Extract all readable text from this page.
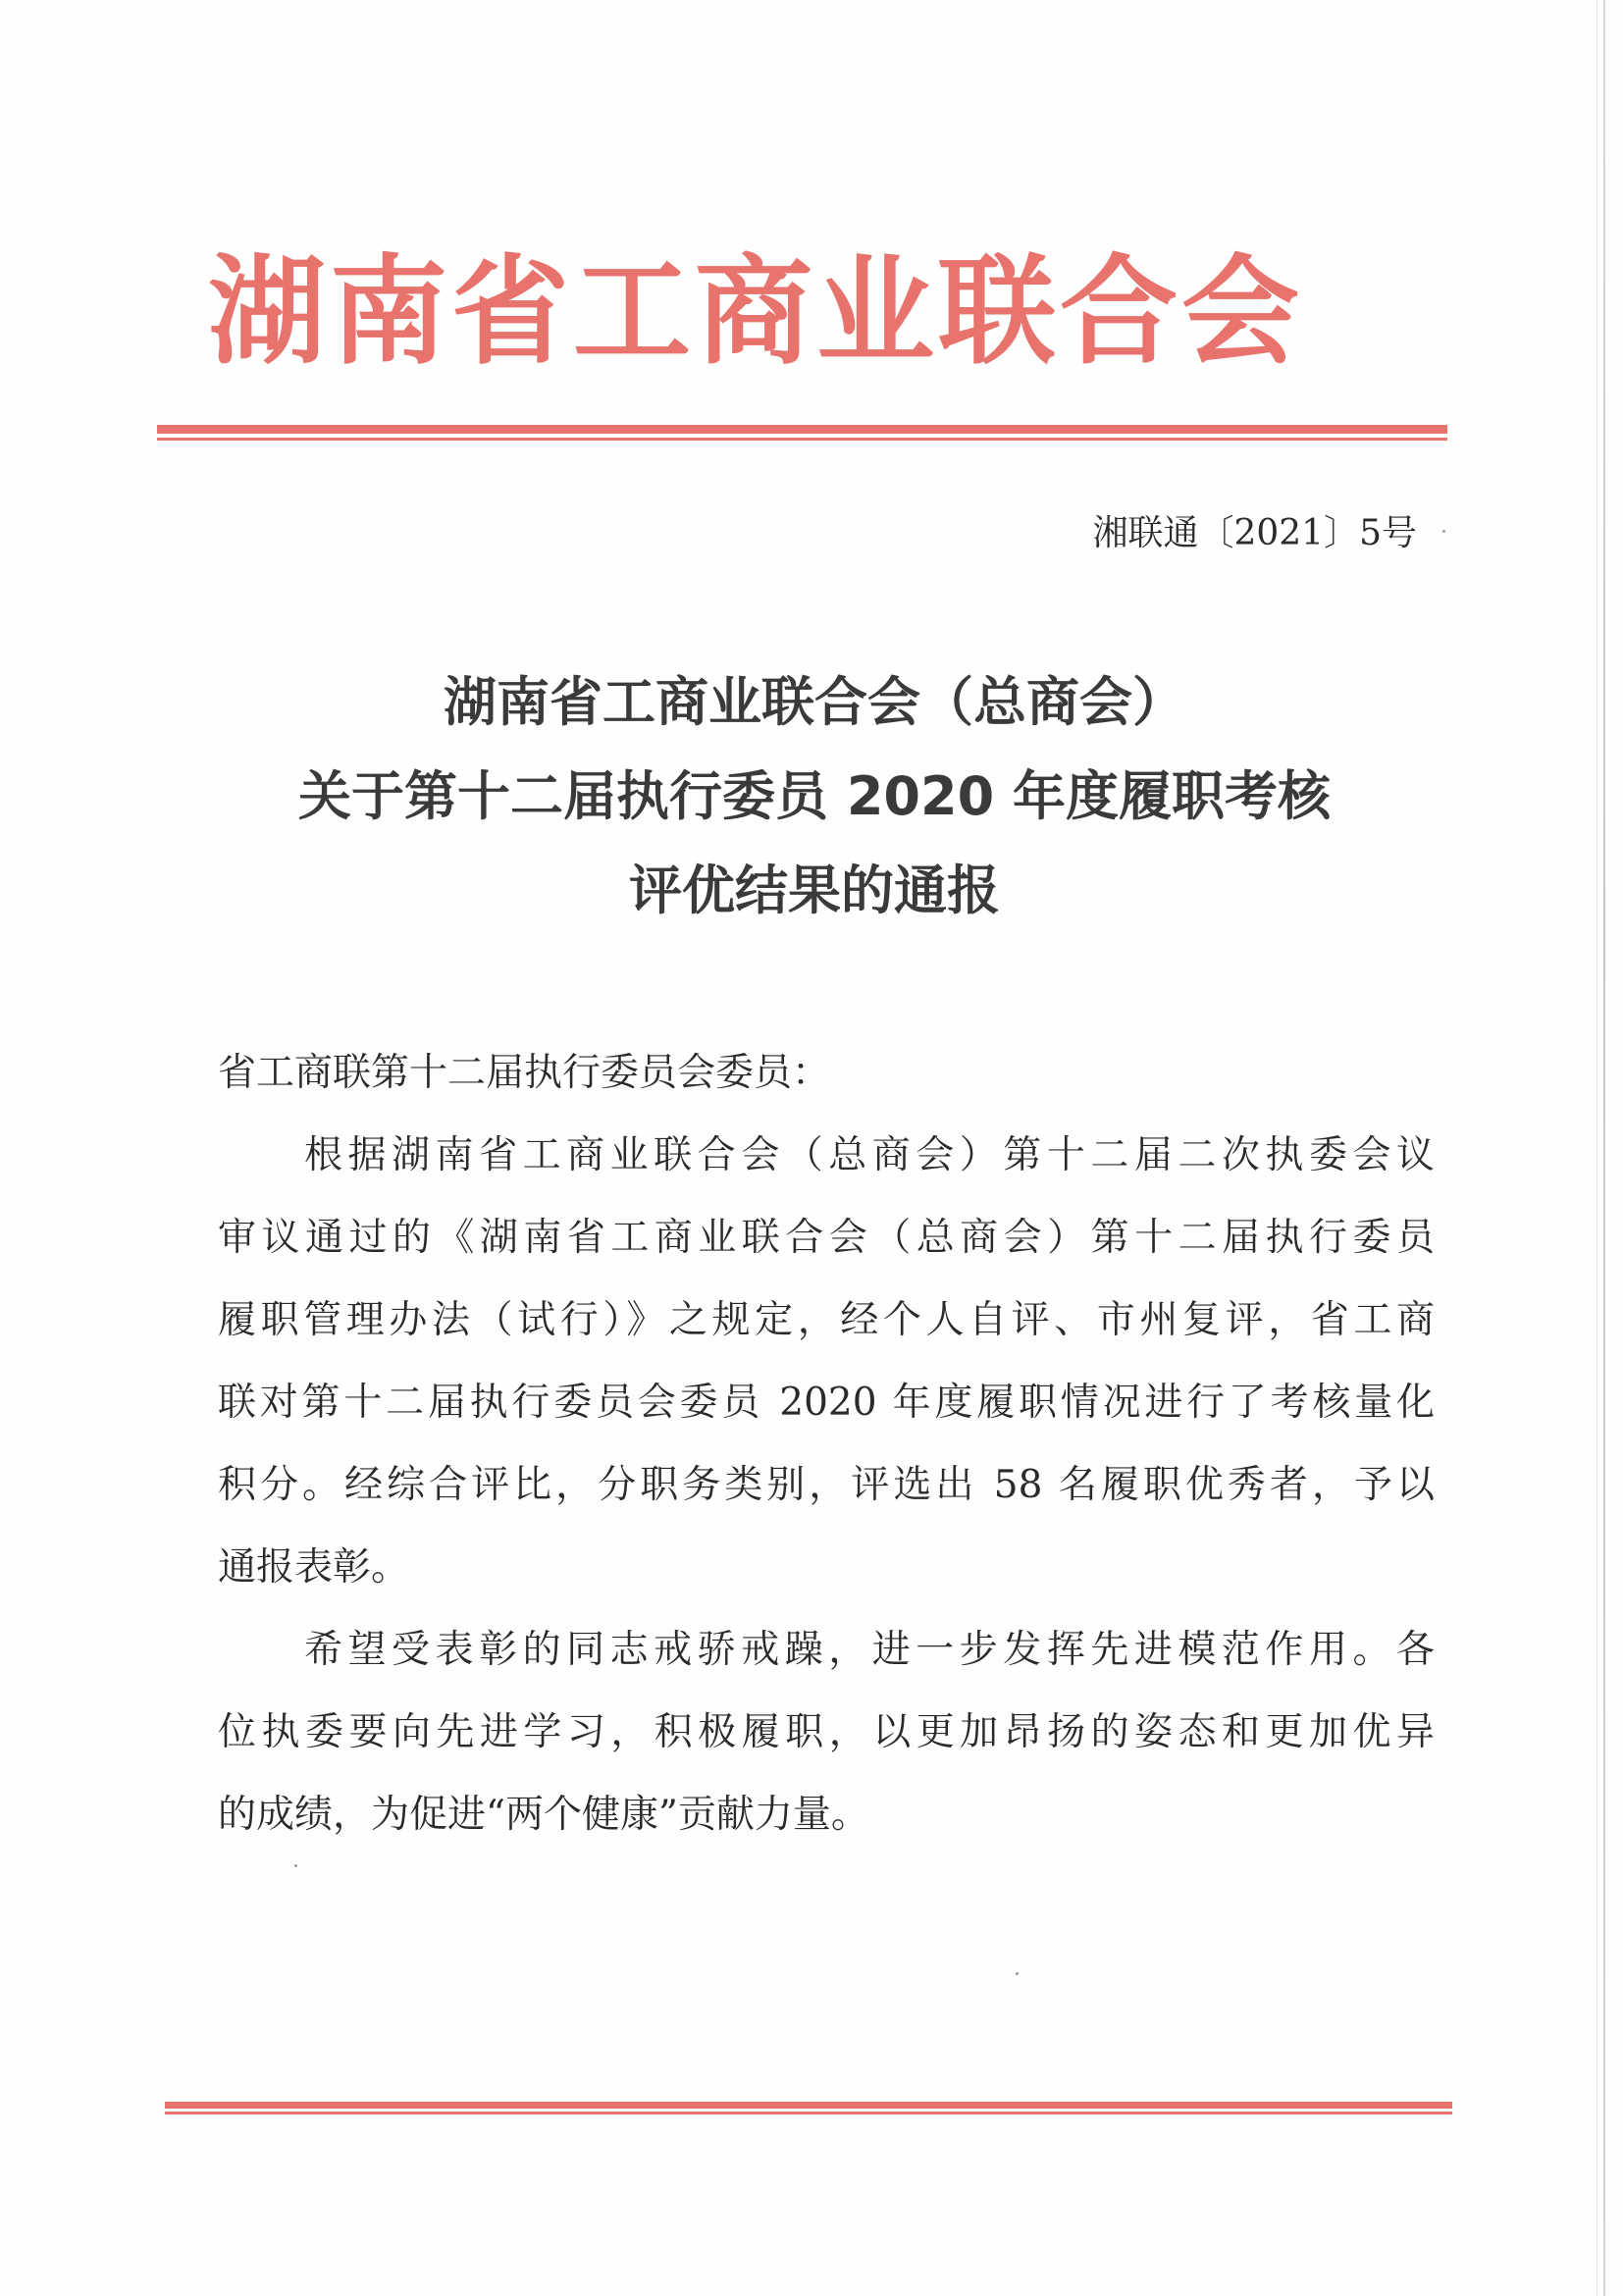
湖南省工商业联合会
湘联通〔2021〕5号
湖南省工商业联合会（总商会）
关于第十二届执行委员 2020 年度履职考核
评优结果的通报
省工商联第十二届执行委员会委员：
根据湖南省工商业联合会（总商会）第十二届二次执委会议
审议通过的《湖南省工商业联合会（总商会）第十二届执行委员
履职管理办法（试行）》之规定，经个人自评、市州复评，省工商
联对第十二届执行委员会委员 2020 年度履职情况进行了考核量化
积分。经综合评比，分职务类别，评选出 58 名履职优秀者，予以
通报表彰。
希望受表彰的同志戒骄戒躁，进一步发挥先进模范作用。各
位执委要向先进学习，积极履职，以更加昂扬的姿态和更加优异
的成绩，为促进“两个健康”贡献力量。
